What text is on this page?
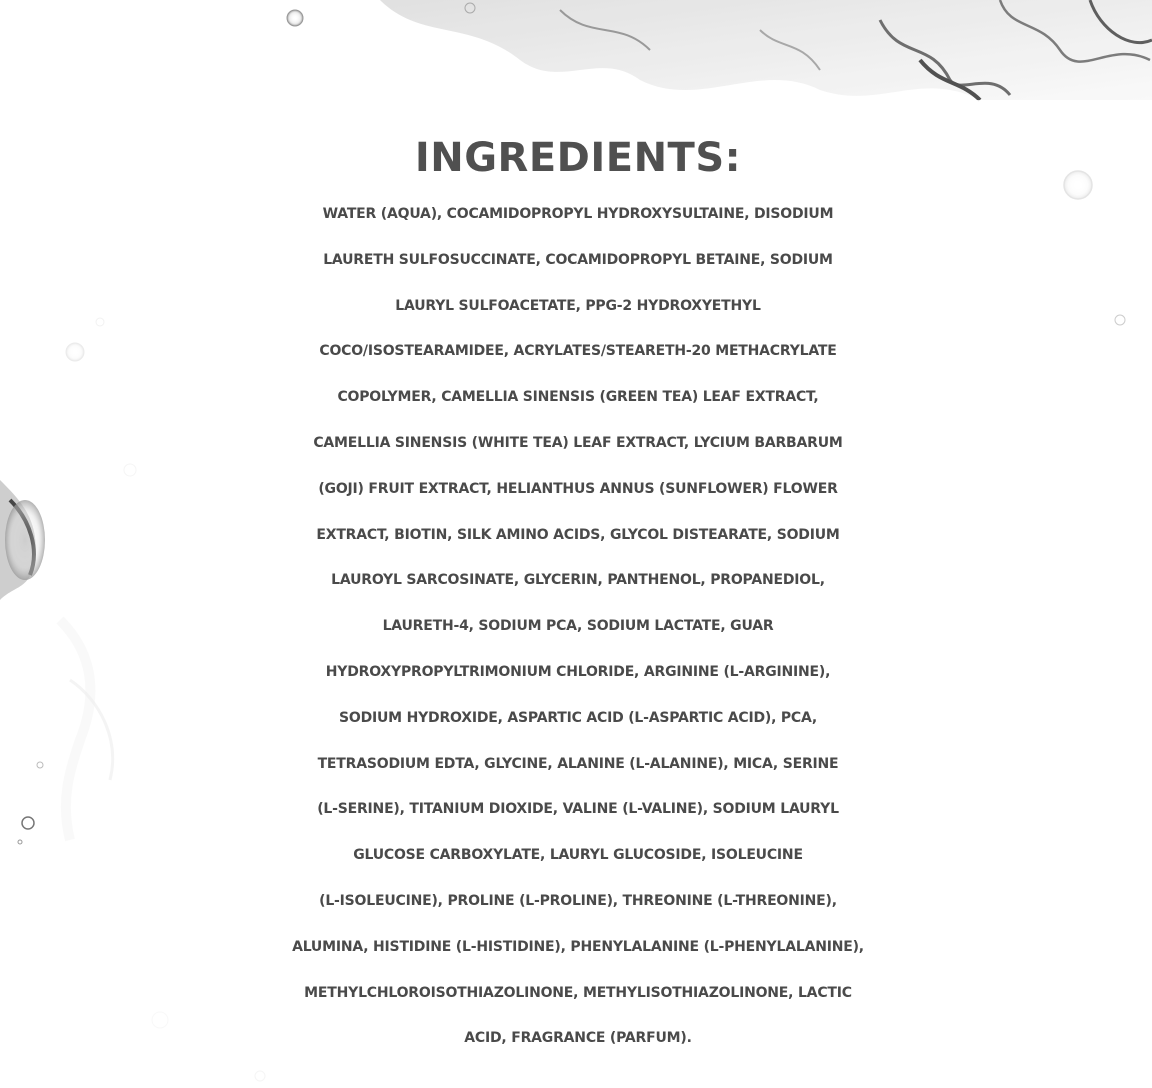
INGREDIENTS:
WATER (AQUA), COCAMIDOPROPYL HYDROXYSULTAINE, DISODIUM
LAURETH SULFOSUCCINATE, COCAMIDOPROPYL BETAINE, SODIUM
LAURYL SULFOACETATE, PPG-2 HYDROXYETHYL
COCO/ISOSTEARAMIDEE, ACRYLATES/STEARETH-20 METHACRYLATE
COPOLYMER, CAMELLIA SINENSIS (GREEN TEA) LEAF EXTRACT,
CAMELLIA SINENSIS (WHITE TEA) LEAF EXTRACT, LYCIUM BARBARUM
(GOJI) FRUIT EXTRACT, HELIANTHUS ANNUS (SUNFLOWER) FLOWER
EXTRACT, BIOTIN, SILK AMINO ACIDS, GLYCOL DISTEARATE, SODIUM
LAUROYL SARCOSINATE, GLYCERIN, PANTHENOL, PROPANEDIOL,
LAURETH-4, SODIUM PCA, SODIUM LACTATE, GUAR
HYDROXYPROPYLTRIMONIUM CHLORIDE, ARGININE (L-ARGININE),
SODIUM HYDROXIDE, ASPARTIC ACID (L-ASPARTIC ACID), PCA,
TETRASODIUM EDTA, GLYCINE, ALANINE (L-ALANINE), MICA, SERINE
(L-SERINE), TITANIUM DIOXIDE, VALINE (L-VALINE), SODIUM LAURYL
GLUCOSE CARBOXYLATE, LAURYL GLUCOSIDE, ISOLEUCINE
(L-ISOLEUCINE), PROLINE (L-PROLINE), THREONINE (L-THREONINE),
ALUMINA, HISTIDINE (L-HISTIDINE), PHENYLALANINE (L-PHENYLALANINE),
METHYLCHLOROISOTHIAZOLINONE, METHYLISOTHIAZOLINONE, LACTIC
ACID, FRAGRANCE (PARFUM).
